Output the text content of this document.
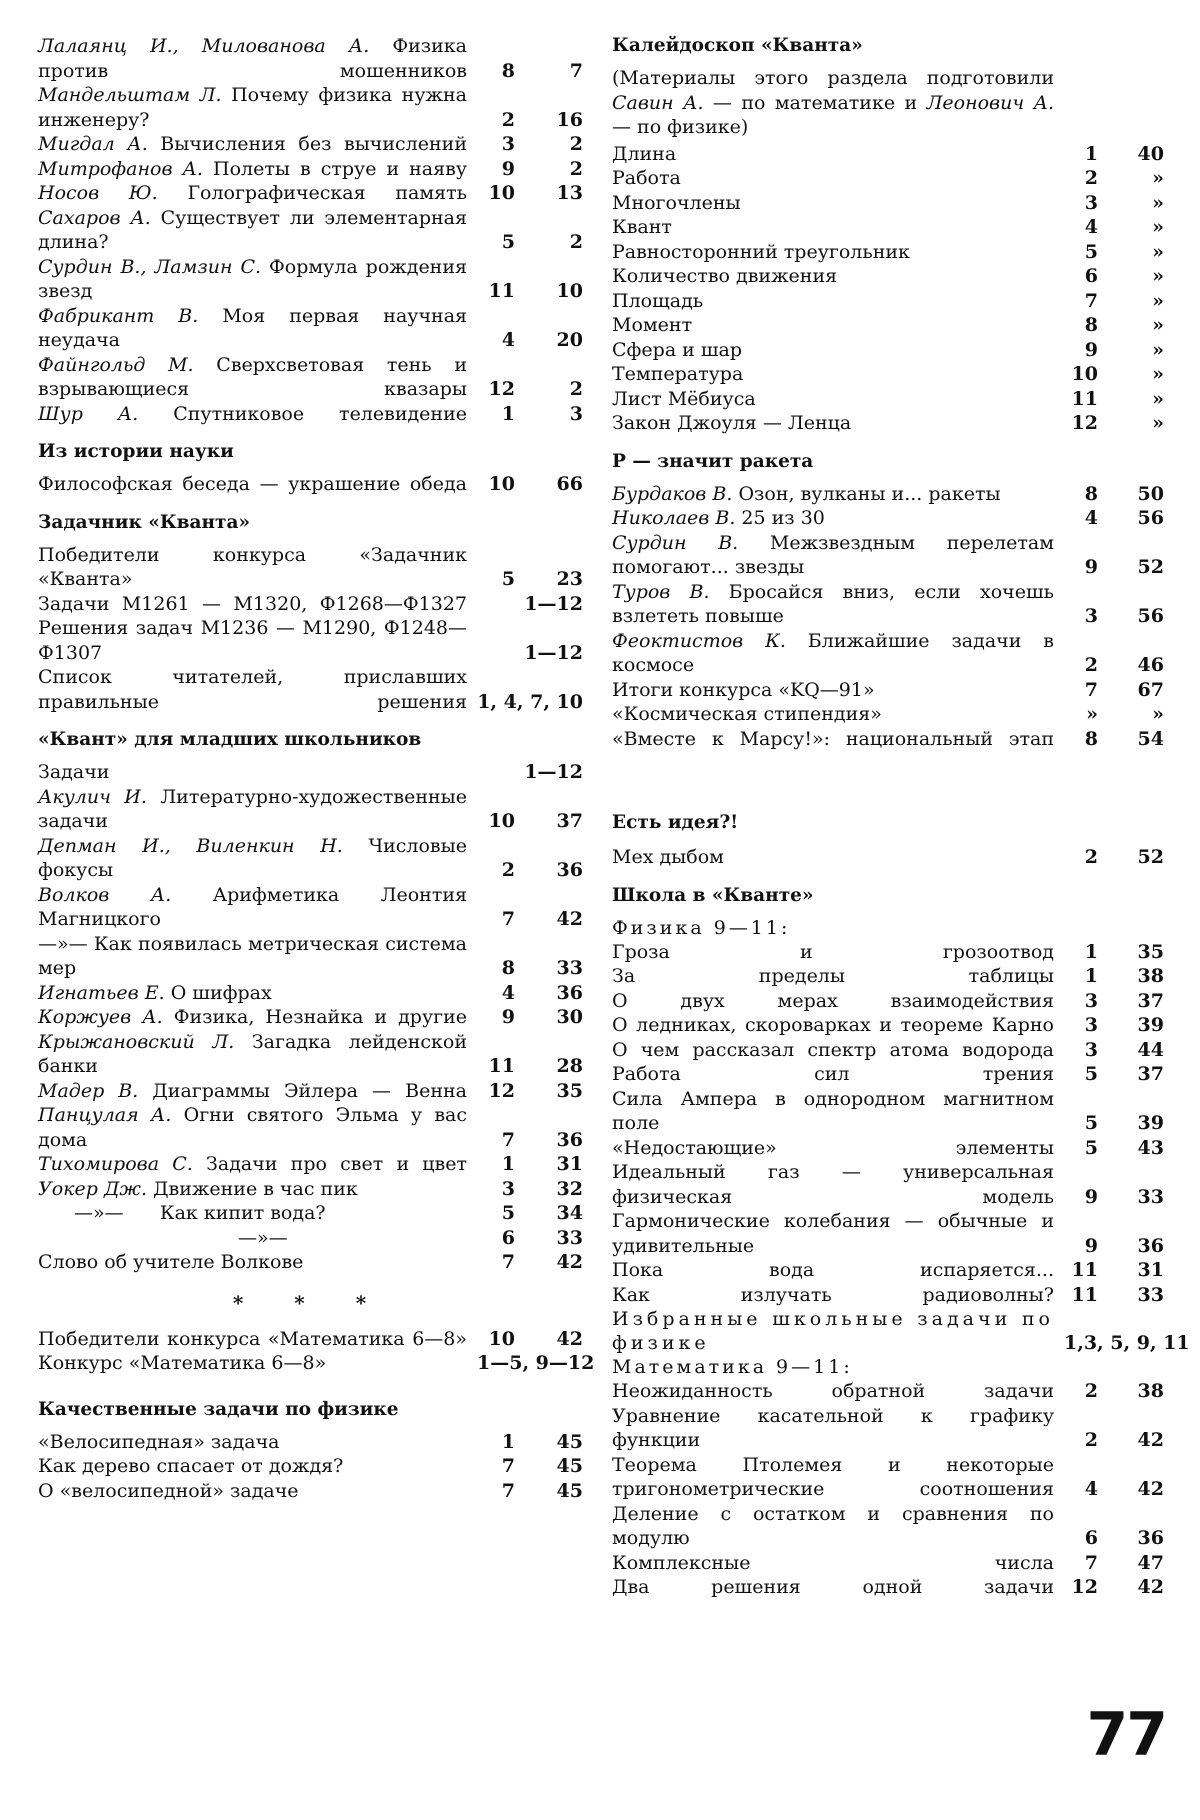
Лалаянц И., Милованова А. Физика против мошенников	8	7
Мандельштам Л. Почему физика нужна инженеру?	2	16
Мигдал А. Вычисления без вычислений	3	2
Митрофанов А. Полеты в струе и наяву	9	2
Носов Ю. Голографическая память	10	13
Сахаров А. Существует ли элементарная длина?	5	2
Сурдин В., Ламзин С. Формула рождения звезд	11	10
Фабрикант В. Моя первая научная неудача	4	20
Файнгольд М. Сверхсветовая тень и взрывающиеся квазары	12	2
Шур А. Спутниковое телевидение	1	3
Из истории науки
Философская беседа — украшение обеда	10	66
Задачник «Кванта»
Победители конкурса «Задачник «Кванта»	5	23
Задачи М1261 — М1320, Ф1268—Ф1327	1—12
Решения задач М1236 — М1290, Ф1248—Ф1307	1—12
Список читателей, приславших правильные решения 1, 4, 7, 10
«Квант» для младших школьников
Задачи	1—12
Акулич И. Литературно-художественные задачи	10	37
Депман И., Виленкин Н. Числовые фокусы	2	36
Волков А. Арифметика Леонтия Магницкого	7	42
—»— Как появилась метрическая система мер	8	33
Игнатьев Е. О шифрах	4	36
Коржуев А. Физика, Незнайка и другие	9	30
Крыжановский Л. Загадка лейденской банки	11	28
Мадер В. Диаграммы Эйлера — Венна	12	35
Панцулая А. Огни святого Эльма у вас дома	7	36
Тихомирова С. Задачи про свет и цвет	1	31
Уокер Дж. Движение в час пик	3	32
—»— Как кипит вода?	5	34
—»—	6	33
Слово об учителе Волкове	7	42
* * *
Победители конкурса «Математика 6—8»	10	42
Конкурс «Математика 6—8»	1—5, 9—12
Качественные задачи по физике
«Велосипедная» задача	1	45
Как дерево спасает от дождя?	7	45
О «велосипедной» задаче	7	45
Калейдоскоп «Кванта»
(Материалы этого раздела подготовили Савин А. — по математике и Леонович А. — по физике)
Длина	1	40
Работа	2	»
Многочлены	3	»
Квант	4	»
Равносторонний треугольник	5	»
Количество движения	6	»
Площадь	7	»
Момент	8	»
Сфера и шар	9	»
Температура	10	»
Лист Мёбиуса	11	»
Закон Джоуля — Ленца	12	»
Р — значит ракета
Бурдаков В. Озон, вулканы и... ракеты	8	50
Николаев В. 25 из 30	4	56
Сурдин В. Межзвездным перелетам помогают... звезды	9	52
Туров В. Бросайся вниз, если хочешь взлететь повыше	3	56
Феоктистов К. Ближайшие задачи в космосе	2	46
Итоги конкурса «KQ—91»	7	67
«Космическая стипендия»	»	»
«Вместе к Марсу!»: национальный этап	8	54
Есть идея?!
Мех дыбом	2	52
Школа в «Кванте»
Физика 9—11:
Гроза и грозоотвод	1	35
За пределы таблицы	1	38
О двух мерах взаимодействия	3	37
О ледниках, скороварках и теореме Карно	3	39
О чем рассказал спектр атома водорода	3	44
Работа сил трения	5	37
Сила Ампера в однородном магнитном поле	5	39
«Недостающие» элементы	5	43
Идеальный газ — универсальная физическая модель	9	33
Гармонические колебания — обычные и удивительные	9	36
Пока вода испаряется... 11	31
Как излучать радиоволны? 11	33
Избранные школьные задачи по физике	1,3, 5, 9, 11
Математика 9—11:
Неожиданность обратной задачи	2	38
Уравнение касательной к графику функции	2	42
Теорема Птолемея и некоторые тригонометрические соотношения	4	42
Деление с остатком и сравнения по модулю	6	36
Комплексные числа	7	47
Два решения одной задачи 12	42
77
